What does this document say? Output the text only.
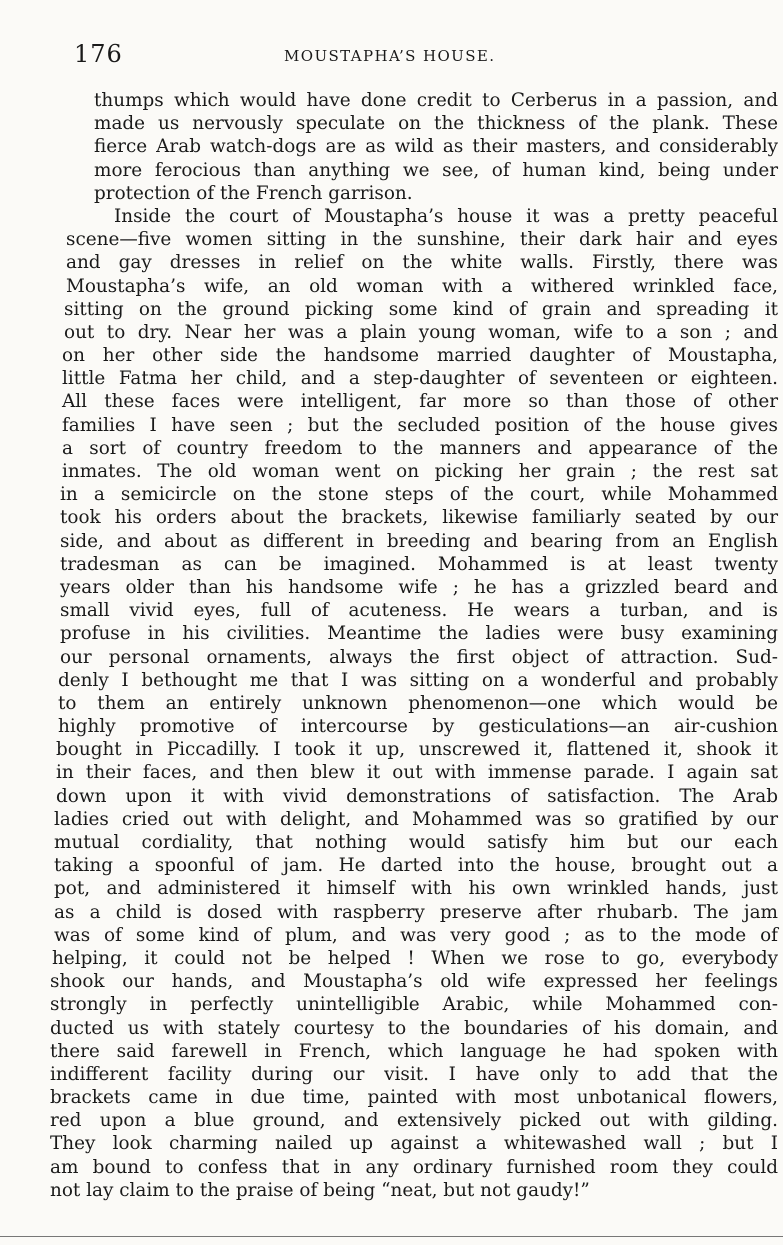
176	MOUSTAPHA’S HOUSE.
thumps which would have done credit to Cerberus in a passion, and
made us nervously speculate on the thickness of the plank. These
fierce Arab watch-dogs are as wild as their masters, and considerably
more ferocious than anything we see, of human kind, being under
protection of the French garrison.
Inside the court of Moustapha’s house it was a pretty peaceful
scene—five women sitting in the sunshine, their dark hair and eyes
and gay dresses in relief on the white walls. Firstly, there was
Moustapha’s wife, an old woman with a withered wrinkled face,
sitting on the ground picking some kind of grain and spreading it
out to dry. Near her was a plain young woman, wife to a son ; and
on her other side the handsome married daughter of Moustapha,
little Fatma her child, and a step-daughter of seventeen or eighteen.
All these faces were intelligent, far more so than those of other
families I have seen ; but the secluded position of the house gives
a sort of country freedom to the manners and appearance of the
inmates. The old woman went on picking her grain ; the rest sat
in a semicircle on the stone steps of the court, while Mohammed
took his orders about the brackets, likewise familiarly seated by our
side, and about as different in breeding and bearing from an English
tradesman as can be imagined. Mohammed is at least twenty
years older than his handsome wife ; he has a grizzled beard and
small vivid eyes, full of acuteness. He wears a turban, and is
profuse in his civilities. Meantime the ladies were busy examining
our personal ornaments, always the first object of attraction. Sud-
denly I bethought me that I was sitting on a wonderful and probably
to them an entirely unknown phenomenon—one which would be
highly promotive of intercourse by gesticulations—an air-cushion
bought in Piccadilly. I took it up, unscrewed it, flattened it, shook it
in their faces, and then blew it out with immense parade. I again sat
down upon it with vivid demonstrations of satisfaction. The Arab
ladies cried out with delight, and Mohammed was so gratified by our
mutual cordiality, that nothing would satisfy him but our each
taking a spoonful of jam. He darted into the house, brought out a
pot, and administered it himself with his own wrinkled hands, just
as a child is dosed with raspberry preserve after rhubarb. The jam
was of some kind of plum, and was very good ; as to the mode of
helping, it could not be helped ! When we rose to go, everybody
shook our hands, and Moustapha’s old wife expressed her feelings
strongly in perfectly unintelligible Arabic, while Mohammed con-
ducted us with stately courtesy to the boundaries of his domain, and
there said farewell in French, which language he had spoken with
indifferent facility during our visit. I have only to add that the
brackets came in due time, painted with most unbotanical flowers,
red upon a blue ground, and extensively picked out with gilding.
They look charming nailed up against a whitewashed wall ; but I
am bound to confess that in any ordinary furnished room they could
not lay claim to the praise of being “neat, but not gaudy!”
